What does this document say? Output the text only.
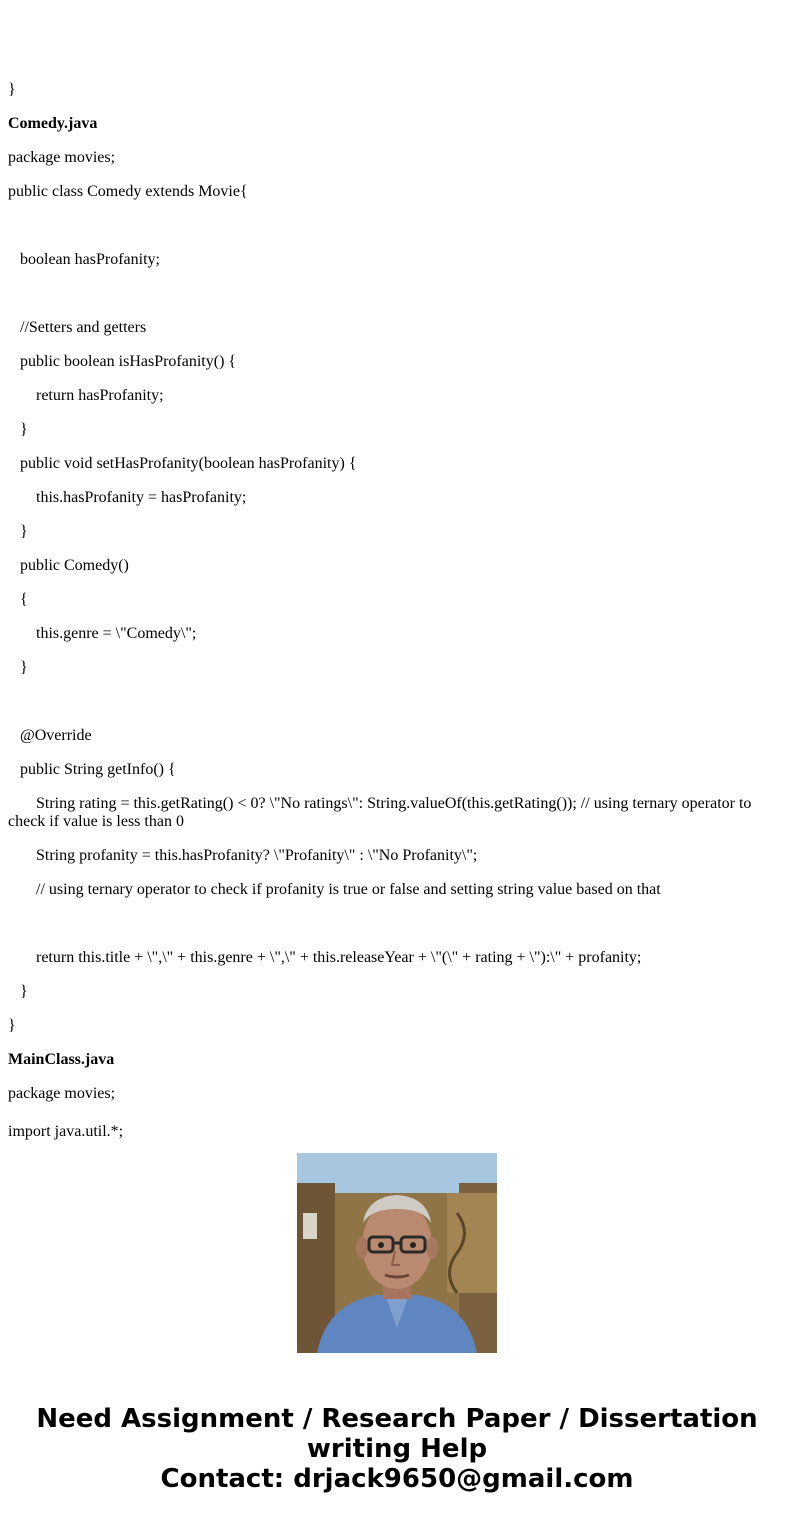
}
Comedy.java
package movies;
public class Comedy extends Movie{
boolean hasProfanity;
//Setters and getters
public boolean isHasProfanity() {
return hasProfanity;
}
public void setHasProfanity(boolean hasProfanity) {
this.hasProfanity = hasProfanity;
}
public Comedy()
{
this.genre = \"Comedy\";
}
@Override
public String getInfo() {
String rating = this.getRating() < 0? \"No ratings\": String.valueOf(this.getRating()); // using ternary operator to check if value is less than 0
String profanity = this.hasProfanity? \"Profanity\" : \"No Profanity\";
// using ternary operator to check if profanity is true or false and setting string value based on that
return this.title + \",\" + this.genre + \",\" + this.releaseYear + \"(\" + rating + \"):\" + profanity;
}
}
MainClass.java
package movies;
import java.util.*;
Need Assignment / Research Paper / Dissertation
writing Help
Contact: drjack9650@gmail.com
